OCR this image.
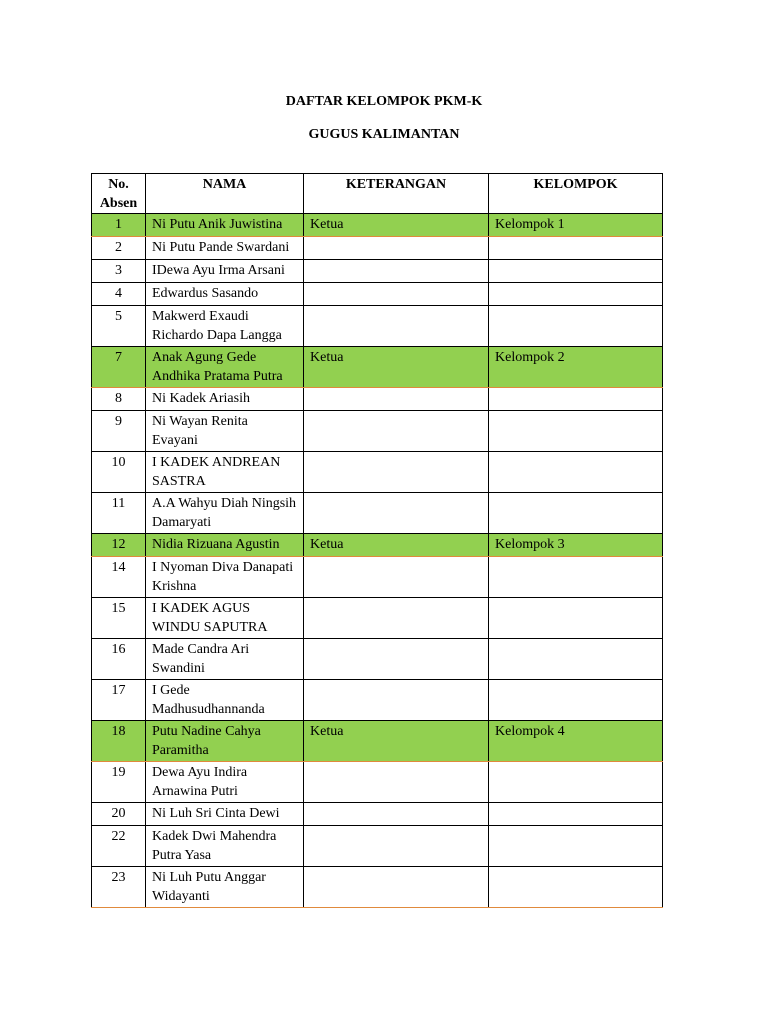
DAFTAR KELOMPOK PKM-K
GUGUS KALIMANTAN
No. Absen	NAMA	KETERANGAN	KELOMPOK
1	Ni Putu Anik Juwistina	Ketua	Kelompok 1
2	Ni Putu Pande Swardani		
3	IDewa Ayu Irma Arsani		
4	Edwardus Sasando		
5	Makwerd Exaudi Richardo Dapa Langga		
7	Anak Agung Gede Andhika Pratama Putra	Ketua	Kelompok 2
8	Ni Kadek Ariasih		
9	Ni Wayan Renita Evayani		
10	I KADEK ANDREAN SASTRA		
11	A.A Wahyu Diah Ningsih Damaryati		
12	Nidia Rizuana Agustin	Ketua	Kelompok 3
14	I Nyoman Diva Danapati Krishna		
15	I KADEK AGUS WINDU SAPUTRA		
16	Made Candra Ari Swandini		
17	I Gede Madhusudhannanda		
18	Putu Nadine Cahya Paramitha	Ketua	Kelompok 4
19	Dewa Ayu Indira Arnawina Putri		
20	Ni Luh Sri Cinta Dewi		
22	Kadek Dwi Mahendra Putra Yasa		
23	Ni Luh Putu Anggar Widayanti		
